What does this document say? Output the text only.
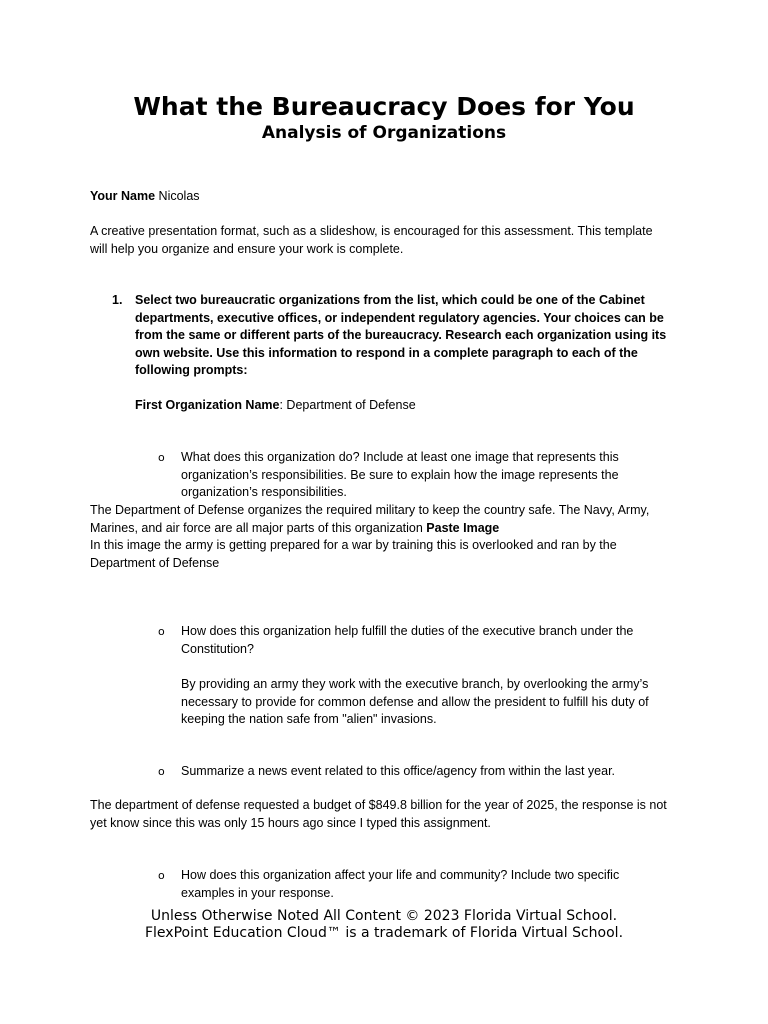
What the Bureaucracy Does for You
Analysis of Organizations
Your Name Nicolas
A creative presentation format, such as a slideshow, is encouraged for this assessment. This template will help you organize and ensure your work is complete.
1. Select two bureaucratic organizations from the list, which could be one of the Cabinet departments, executive offices, or independent regulatory agencies. Your choices can be from the same or different parts of the bureaucracy. Research each organization using its own website. Use this information to respond in a complete paragraph to each of the following prompts:
First Organization Name: Department of Defense
o What does this organization do? Include at least one image that represents this organization’s responsibilities. Be sure to explain how the image represents the organization’s responsibilities.
The Department of Defense organizes the required military to keep the country safe. The Navy, Army, Marines, and air force are all major parts of this organization Paste Image
In this image the army is getting prepared for a war by training this is overlooked and ran by the Department of Defense
o How does this organization help fulfill the duties of the executive branch under the Constitution?
By providing an army they work with the executive branch, by overlooking the army’s necessary to provide for common defense and allow the president to fulfill his duty of keeping the nation safe from "alien" invasions.
o Summarize a news event related to this office/agency from within the last year.
The department of defense requested a budget of $849.8 billion for the year of 2025, the response is not yet know since this was only 15 hours ago since I typed this assignment.
o How does this organization affect your life and community? Include two specific examples in your response.
Unless Otherwise Noted All Content © 2023 Florida Virtual School.
FlexPoint Education Cloud™ is a trademark of Florida Virtual School.
